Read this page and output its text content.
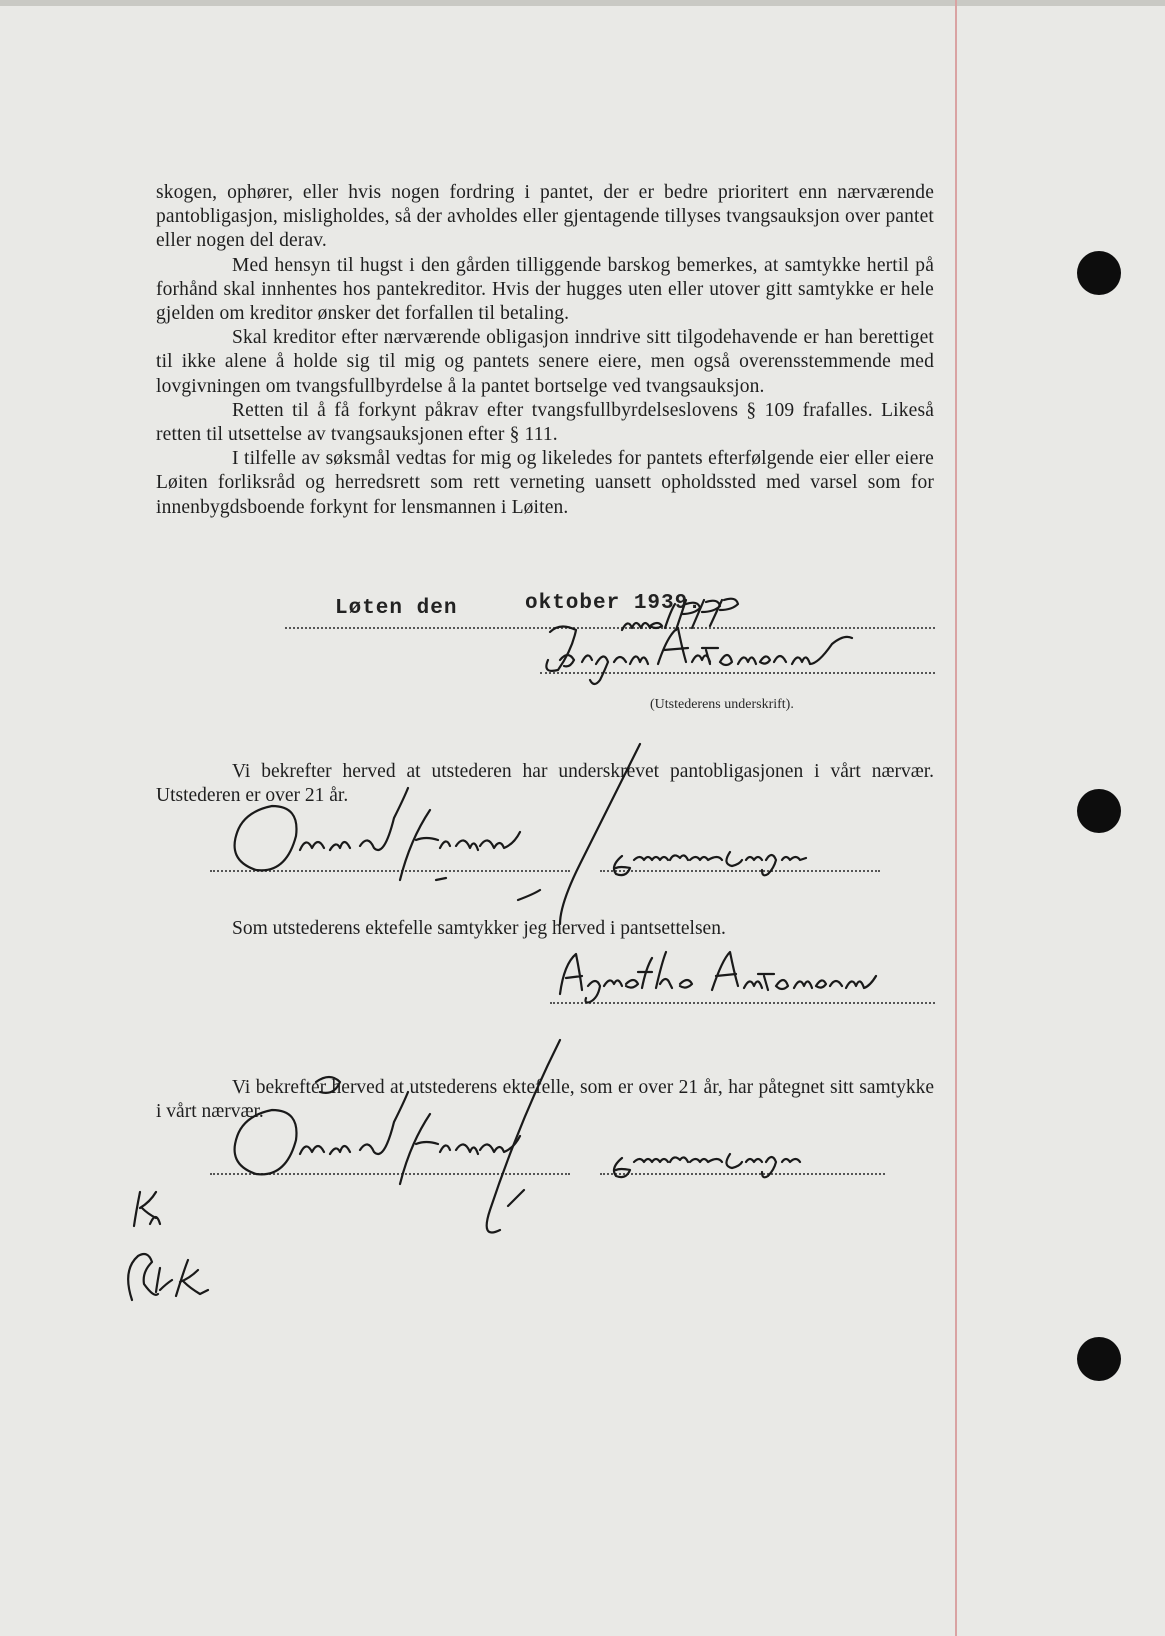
skogen, ophører, eller hvis nogen fordring i pantet, der er bedre prioritert enn nærværende pantobligasjon, misligholdes, så der avholdes eller gjentagende tillyses tvangsauksjon over pantet eller nogen del derav.

Med hensyn til hugst i den gården tilliggende barskog bemerkes, at samtykke hertil på forhånd skal innhentes hos pantekreditor. Hvis der hugges uten eller utover gitt samtykke er hele gjelden om kreditor ønsker det forfallen til betaling.

Skal kreditor efter nærværende obligasjon inndrive sitt tilgodehavende er han berettiget til ikke alene å holde sig til mig og pantets senere eiere, men også overensstemmende med lovgivningen om tvangsfullbyrdelse å la pantet bortselge ved tvangsauksjon.

Retten til å få forkynt påkrav efter tvangsfullbyrdelseslovens § 109 frafalles. Likeså retten til utsettelse av tvangsauksjonen efter § 111.

I tilfelle av søksmål vedtas for mig og likeledes for pantets efterfølgende eier eller eiere Løiten forliksråd og herredsrett som rett verneting uansett opholdssted med varsel som for innenbygdsboende forkynt for lensmannen i Løiten.

Løten den	oktober 1939.
(Utstederens underskrift).

Vi bekrefter herved at utstederen har underskrevet pantobligasjonen i vårt nærvær. Utstederen er over 21 år.

Som utstederens ektefelle samtykker jeg herved i pantsettelsen.

Vi bekrefter herved at utstederens ektefelle, som er over 21 år, har påtegnet sitt samtykke i vårt nærvær.
